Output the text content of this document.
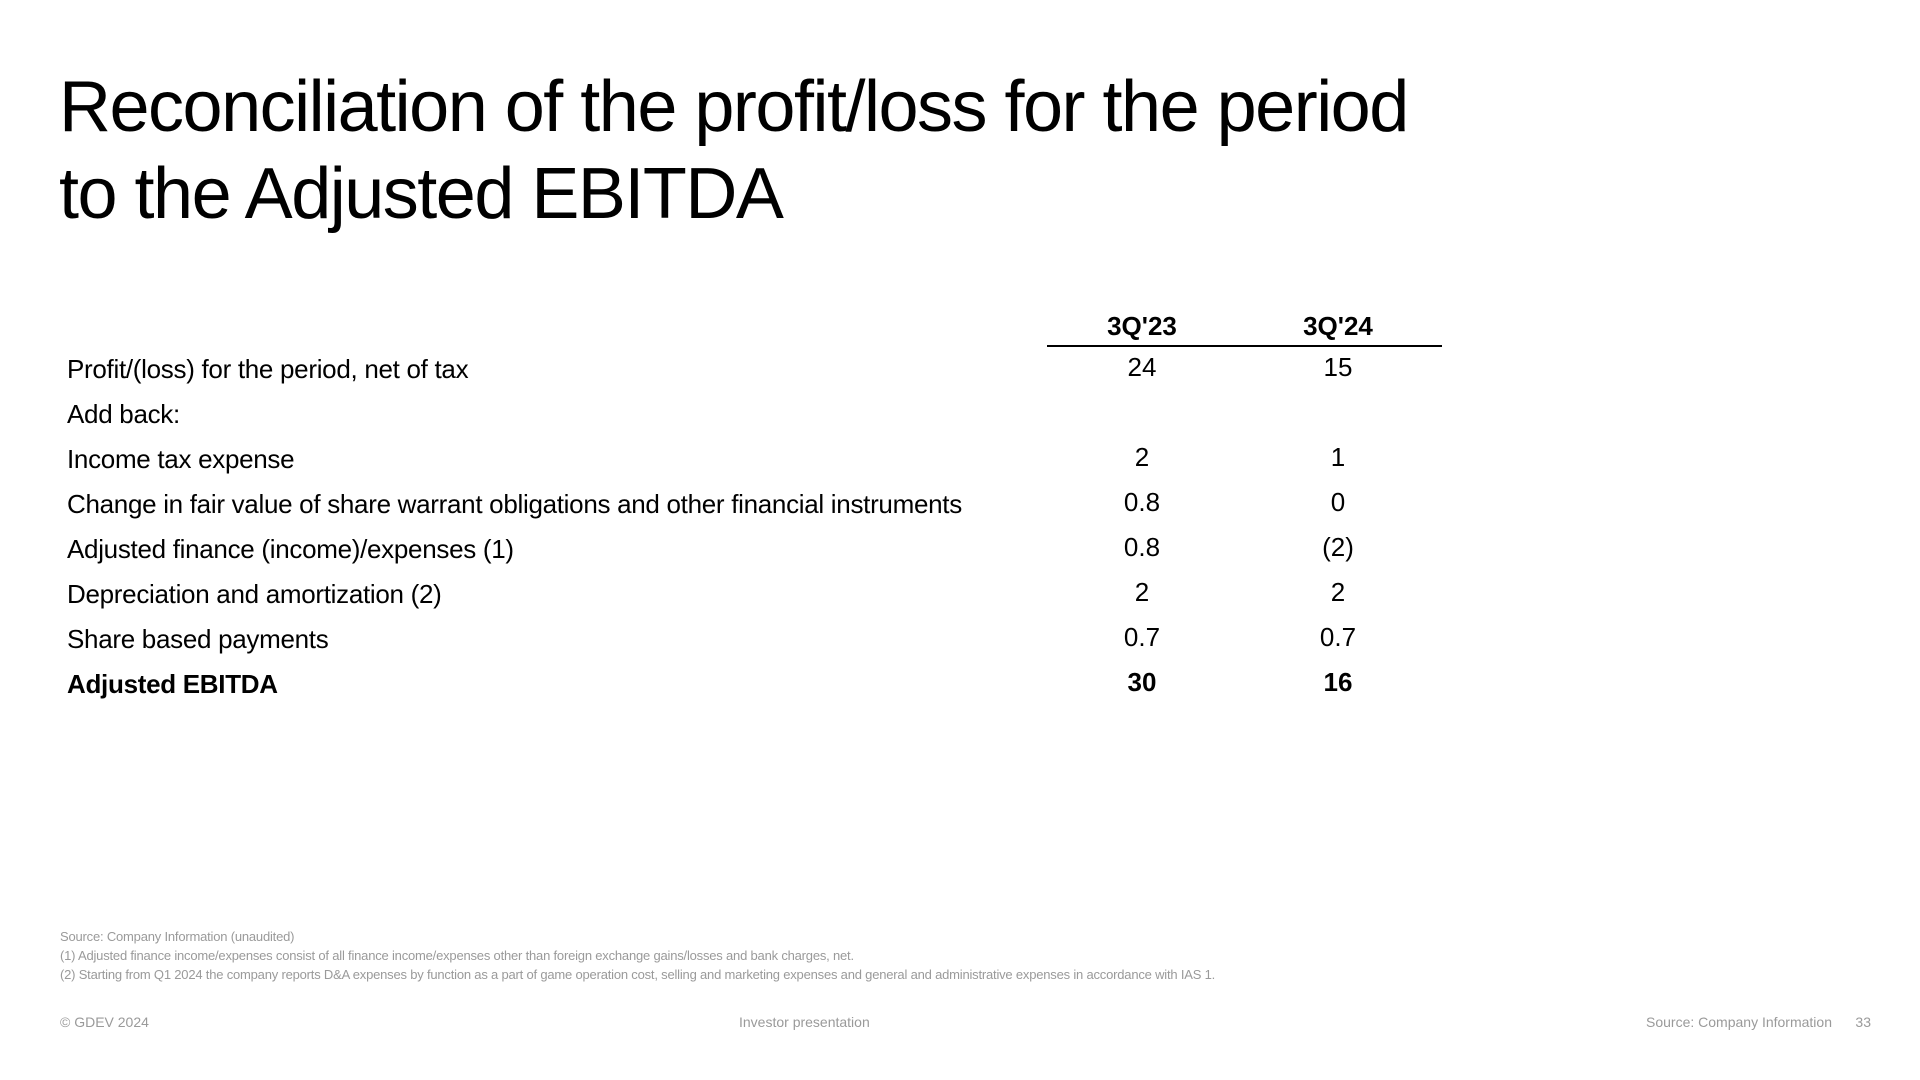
Reconciliation of the profit/loss for the period
to the Adjusted EBITDA
3Q'23	3Q'24
Profit/(loss) for the period, net of tax	24	15
Add back:
Income tax expense	2	1
Change in fair value of share warrant obligations and other financial instruments	0.8	0
Adjusted finance (income)/expenses (1)	0.8	(2)
Depreciation and amortization (2)	2	2
Share based payments	0.7	0.7
Adjusted EBITDA	30	16
Source: Company Information (unaudited)
(1) Adjusted finance income/expenses consist of all finance income/expenses other than foreign exchange gains/losses and bank charges, net.
(2) Starting from Q1 2024 the company reports D&A expenses by function as a part of game operation cost, selling and marketing expenses and general and administrative expenses in accordance with IAS 1.
© GDEV 2024	Investor presentation	Source: Company Information 33
